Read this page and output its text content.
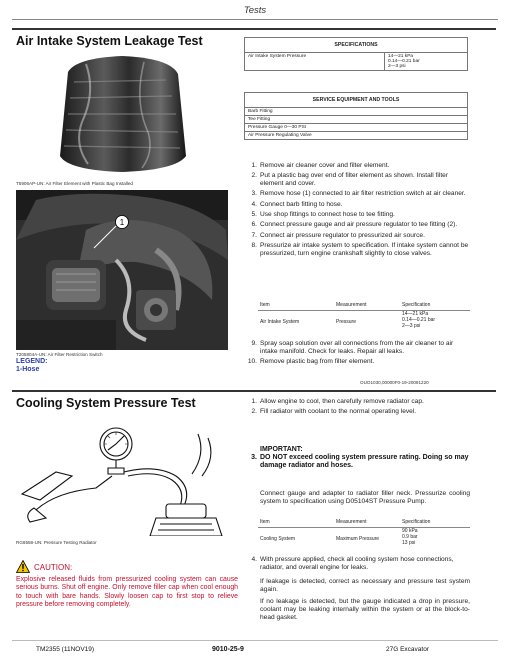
Tests
Air Intake System Leakage Test	SPECIFICATIONS
Air Intake System Pressure	14—21 kPa
0.14—0.21 bar
2—3 psi
SERVICE EQUIPMENT AND TOOLS
Barb Fitting
Tee Fitting
Pressure Gauge 0—30 PSI
Air Pressure Regulating Valve
T5906AP-UN: Air Filter Element with Plastic Bag Installed
1
T205804A-UN: Air Filter Restriction Switch
LEGEND:
1-Hose
1 . Remove air cleaner cover and filter element.
2 . Put a plastic bag over end of filter element as shown. Install filter element and cover.
3 . Remove hose (1) connected to air filter restriction switch at air cleaner.
4 . Connect barb fitting to hose.
5 . Use shop fittings to connect hose to tee fitting.
6 . Connect pressure gauge and air pressure regulator to tee fitting (2).
7 . Connect air pressure regulator to pressurized air source.
8 . Pressurize air intake system to specification. If intake system cannot be pressurized, turn engine crankshaft slightly to close valves.
Item	Measurement	Specification
Air Intake System	Pressure	14—21 kPa
0.14—0.21 bar
2—3 psi
9 . Spray soap solution over all connections from the air cleaner to air intake manifold. Check for leaks. Repair all leaks.
10 . Remove plastic bag from filter element.
OUO1030,00000F0-19-20091220
Cooling System Pressure Test
RG6558-UN: Pressure Testing Radiator
CAUTION:
Explosive released fluids from pressurized cooling system can cause serious burns. Shut off engine. Only remove filler cap when cool enough to touch with bare hands. Slowly loosen cap to first stop to relieve pressure before removing completely.
1 . Allow engine to cool, then carefully remove radiator cap.
2 . Fill radiator with coolant to the normal operating level.
IMPORTANT:
3 . DO NOT exceed cooling system pressure rating. Doing so may damage radiator and hoses.
Connect gauge and adapter to radiator filler neck. Pressurize cooling system to specification using D05104ST Pressure Pump.
Item	Measurement	Specification
Cooling System	Maximum Pressure	90 kPa
0.9 bar
13 psi
4 . With pressure applied, check all cooling system hose connections, radiator, and overall engine for leaks.
If leakage is detected, correct as necessary and pressure test system again.
If no leakage is detected, but the gauge indicated a drop in pressure, coolant may be leaking internally within the system or at the block-to-head gasket.
TM2355 (11NOV19)	9010-25-9	27G Excavator
